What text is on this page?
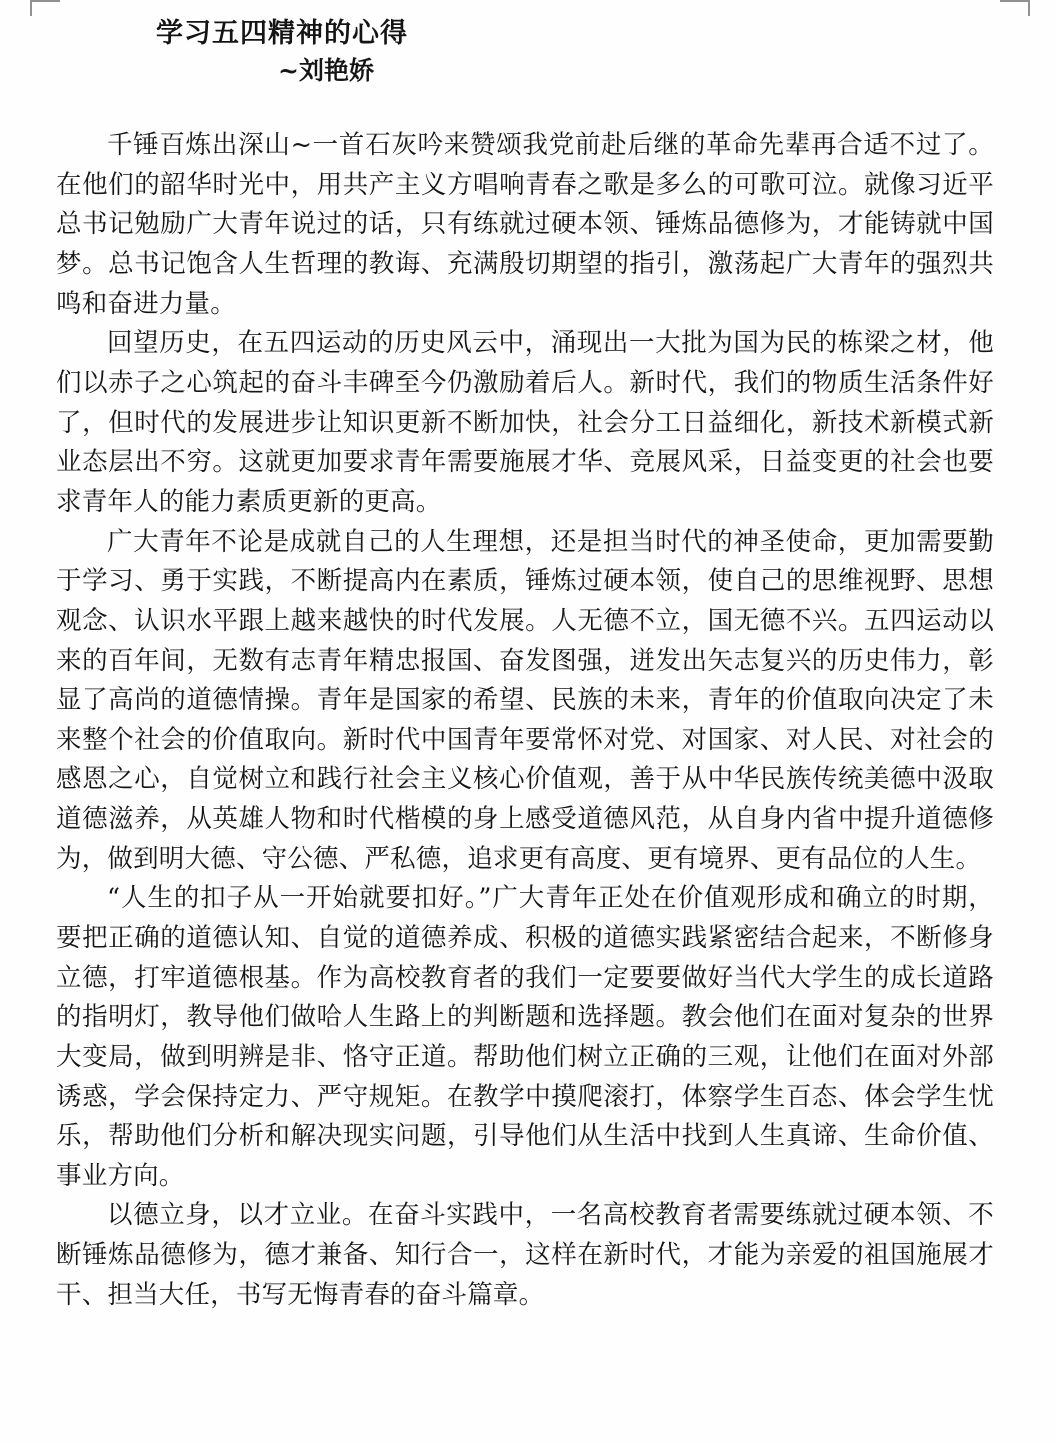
学习五四精神的心得
~刘艳娇

千锤百炼出深山~一首石灰吟来赞颂我党前赴后继的革命先辈再合适不过了。在他们的韶华时光中，用共产主义方唱响青春之歌是多么的可歌可泣。就像习近平总书记勉励广大青年说过的话，只有练就过硬本领、锤炼品德修为，才能铸就中国梦。总书记饱含人生哲理的教诲、充满殷切期望的指引，激荡起广大青年的强烈共鸣和奋进力量。

回望历史，在五四运动的历史风云中，涌现出一大批为国为民的栋梁之材，他们以赤子之心筑起的奋斗丰碑至今仍激励着后人。新时代，我们的物质生活条件好了，但时代的发展进步让知识更新不断加快，社会分工日益细化，新技术新模式新业态层出不穷。这就更加要求青年需要施展才华、竞展风采，日益变更的社会也要求青年人的能力素质更新的更高。

广大青年不论是成就自己的人生理想，还是担当时代的神圣使命，更加需要勤于学习、勇于实践，不断提高内在素质，锤炼过硬本领，使自己的思维视野、思想观念、认识水平跟上越来越快的时代发展。人无德不立，国无德不兴。五四运动以来的百年间，无数有志青年精忠报国、奋发图强，迸发出矢志复兴的历史伟力，彰显了高尚的道德情操。青年是国家的希望、民族的未来，青年的价值取向决定了未来整个社会的价值取向。新时代中国青年要常怀对党、对国家、对人民、对社会的感恩之心，自觉树立和践行社会主义核心价值观，善于从中华民族传统美德中汲取道德滋养，从英雄人物和时代楷模的身上感受道德风范，从自身内省中提升道德修为，做到明大德、守公德、严私德，追求更有高度、更有境界、更有品位的人生。

“人生的扣子从一开始就要扣好。”广大青年正处在价值观形成和确立的时期，要把正确的道德认知、自觉的道德养成、积极的道德实践紧密结合起来，不断修身立德，打牢道德根基。作为高校教育者的我们一定要要做好当代大学生的成长道路的指明灯，教导他们做哈人生路上的判断题和选择题。教会他们在面对复杂的世界大变局，做到明辨是非、恪守正道。帮助他们树立正确的三观，让他们在面对外部诱惑，学会保持定力、严守规矩。在教学中摸爬滚打，体察学生百态、体会学生忧乐，帮助他们分析和解决现实问题，引导他们从生活中找到人生真谛、生命价值、事业方向。

以德立身，以才立业。在奋斗实践中，一名高校教育者需要练就过硬本领、不断锤炼品德修为，德才兼备、知行合一，这样在新时代，才能为亲爱的祖国施展才干、担当大任，书写无悔青春的奋斗篇章。
